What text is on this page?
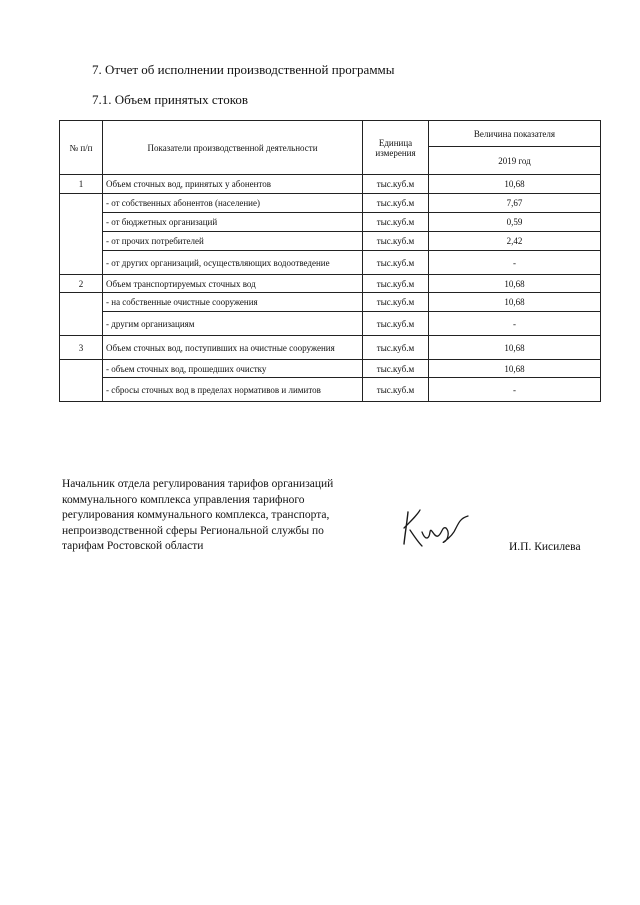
7. Отчет об исполнении производственной программы
7.1. Объем принятых стоков
№ п/п	Показатели производственной деятельности	Единица измерения	Величина показателя
			2019 год
1	Объем сточных вод, принятых у абонентов	тыс.куб.м	10,68
	- от собственных абонентов (население)	тыс.куб.м	7,67
	- от бюджетных организаций	тыс.куб.м	0,59
	- от прочих потребителей	тыс.куб.м	2,42
	- от других организаций, осуществляющих водоотведение	тыс.куб.м	-
2	Объем транспортируемых сточных вод	тыс.куб.м	10,68
	- на собственные очистные сооружения	тыс.куб.м	10,68
	- другим организациям	тыс.куб.м	-
3	Объем сточных вод, поступивших на очистные сооружения	тыс.куб.м	10,68
	- объем сточных вод, прошедших очистку	тыс.куб.м	10,68
	- сбросы сточных вод в пределах нормативов и лимитов	тыс.куб.м	-
Начальник отдела регулирования тарифов организаций
коммунального комплекса управления тарифного
регулирования коммунального комплекса, транспорта,
непроизводственной сферы Региональной службы по
тарифам Ростовской области	И.П. Кисилева
